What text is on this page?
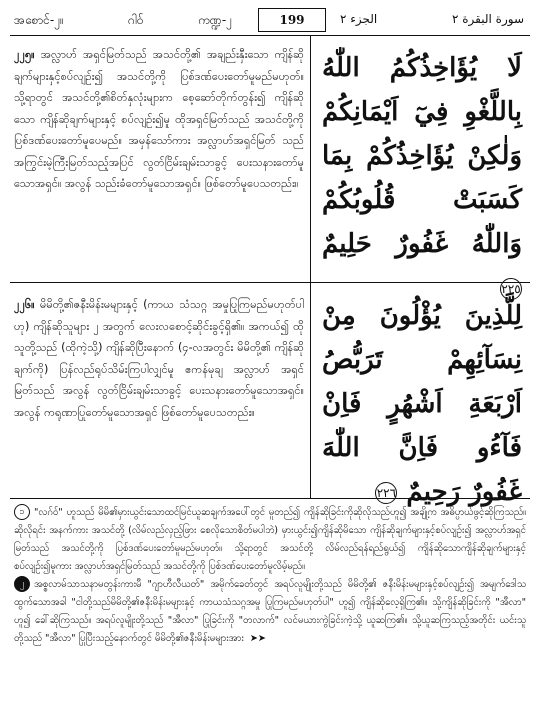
အစောင်-၂။	ဂါဝ်	ကဏ္ဍ-၂	199	الجزء ٢	سورة البقرة ٢
၂၂၅။ အလ္လာဟ် အရှင်မြတ်သည် အသင်တို့၏ အချည်းနှီးသော ကျိန်ဆိုချက်များနှင့်စပ်လျဉ်း၍ အသင်တို့ကို ပြစ်ဒဏ်ပေးတော်မူမည်မဟုတ်။ သို့ရာတွင် အသင်တို့၏စိတ်နှလုံးများက စေ့ဆော်တိုက်တွန်း၍ ကျိန်ဆိုသော ကျိန်ဆိုချက်များနှင့် စပ်လျဉ်း၍မူ ထိုအရှင်မြတ်သည် အသင်တို့ကို ပြစ်ဒဏ်ပေးတော်မူပေမည်။ အမှန်သော်ကား အလ္လာဟ်အရှင်မြတ် သည် အကြွင်းမဲ့ကြီးမြတ်သည့်အပြင် လွတ်ငြိမ်းချမ်းသာခွင့် ပေးသနားတော်မူသောအရှင်။ အလွန် သည်းခံတော်မူသောအရှင်။ ဖြစ်တော်မူပေသတည်း။
لَا يُؤَاخِذُكُمُ اللّٰهُ بِاللَّغْوِ فِيٓ اَيْمَانِكُمْ وَلٰكِنْ يُؤَاخِذُكُمْ بِمَا كَسَبَتْ قُلُوبُكُمْ وَاللّٰهُ غَفُورٌ حَلِيمٌ ٢٢٥
၂၂၆။ မိမိတို့၏ဇနီးမိန်းမများနှင့် (ကာယ သံသဂ္ဂ အမှုပြုကြမည်မဟုတ်ပါဟု) ကျိန်ဆိုသူများ ၂ အတွက် လေးလစောင့်ဆိုင်းခွင့်ရှိ၏။ အကယ်၍ ထိုသူတို့သည် (ထိုကဲ့သို့) ကျိန်ဆိုပြီးနောက် (၄-လအတွင်း မိမိတို့၏ ကျိန်ဆိုချက်ကို) ပြန်လည်ရုပ်သိမ်းကြပါလျှင်မူ ဧကန်မုချ အလ္လာဟ် အရှင်မြတ်သည် အလွန် လွတ်ငြိမ်းချမ်းသာခွင့် ပေးသနားတော်မူသောအရှင်။ အလွန် ကရုဏာပြုတော်မူသောအရှင် ဖြစ်တော်မူပေသတည်း။
لِلَّذِينَ يُؤْلُونَ مِنْ نِسَآئِهِمْ تَرَبُّصُ اَرْبَعَةِ اَشْهُرٍ فَاِنْ فَآءُو فَاِنَّ اللّٰهَ غَفُورٌ رَحِيمٌ ٢٢٦
၁ "လဂ်ဝ်" ဟူသည် မိမိ၏မှားယွင်းသောထင်မြင်ယူဆချက်အပေါ်တွင် မူတည်၍ ကျိန်ဆိုခြင်းကိုဆိုလိုသည်ဟူ၍ အချို့က အဓိပ္ပာယ်ဖွင့်ဆိုကြသည်။ ဆိုလိုရင်း အနက်ကား အသင်တို့ (လိမ်လည်လှည့်ဖြား စေလိုသောစိတ်မပါဘဲ) မှားယွင်း၍ကျိန်ဆိုမိသော ကျိန်ဆိုချက်များနှင့်စပ်လျဉ်း၍ အလ္လာဟ်အရှင်မြတ်သည် အသင်တို့ကို ပြစ်ဒဏ်ပေးတော်မူမည်မဟုတ်။ သို့ရာတွင် အသင်တို့ လိမ်လည်ရန်ရည်ရွယ်၍ ကျိန်ဆိုသောကျိန်ဆိုချက်များနှင့် စပ်လျဉ်း၍မူကား အလ္လာဟ်အရှင်မြတ်သည် အသင်တို့ကို ပြစ်ဒဏ်ပေးတော်မူလိမ့်မည်။
၂ အစ္စလာမ်သာသနာမတွန်းကားမီ "ဂျာဟီလီယတ်" အမိုက်ခေတ်တွင် အရပ်လူမျိုးတို့သည် မိမိတို့၏ ဇနီးမိန်းမများနှင့်စပ်လျဉ်း၍ အမျက်ဒေါသထွက်သောအခါ "ငါတို့သည်မိမိတို့၏ဇနီးမိန်းမများနှင့် ကာယသံသဂ္ဂအမှု ပြုကြမည်မဟုတ်ပါ" ဟူ၍ ကျိန်ဆိုလေ့ရှိကြ၏။ သို့ကျိန်ဆိုခြင်းကို "အီလာ" ဟူ၍ ခေါ်ဆိုကြသည်။ အရပ်လူမျိုးတို့သည် "အီလာ" ပြုခြင်းကို "တလာက်" လင်မယားကွဲခြင်းကဲ့သို့ ယူဆကြ၏။ သို့ယူဆကြသည့်အတိုင်း ယင်းသူတို့သည် "အီလာ" ပြုပြီးသည့်နောက်တွင် မိမိတို့၏ဇနီးမိန်းမများအား ➤➤
